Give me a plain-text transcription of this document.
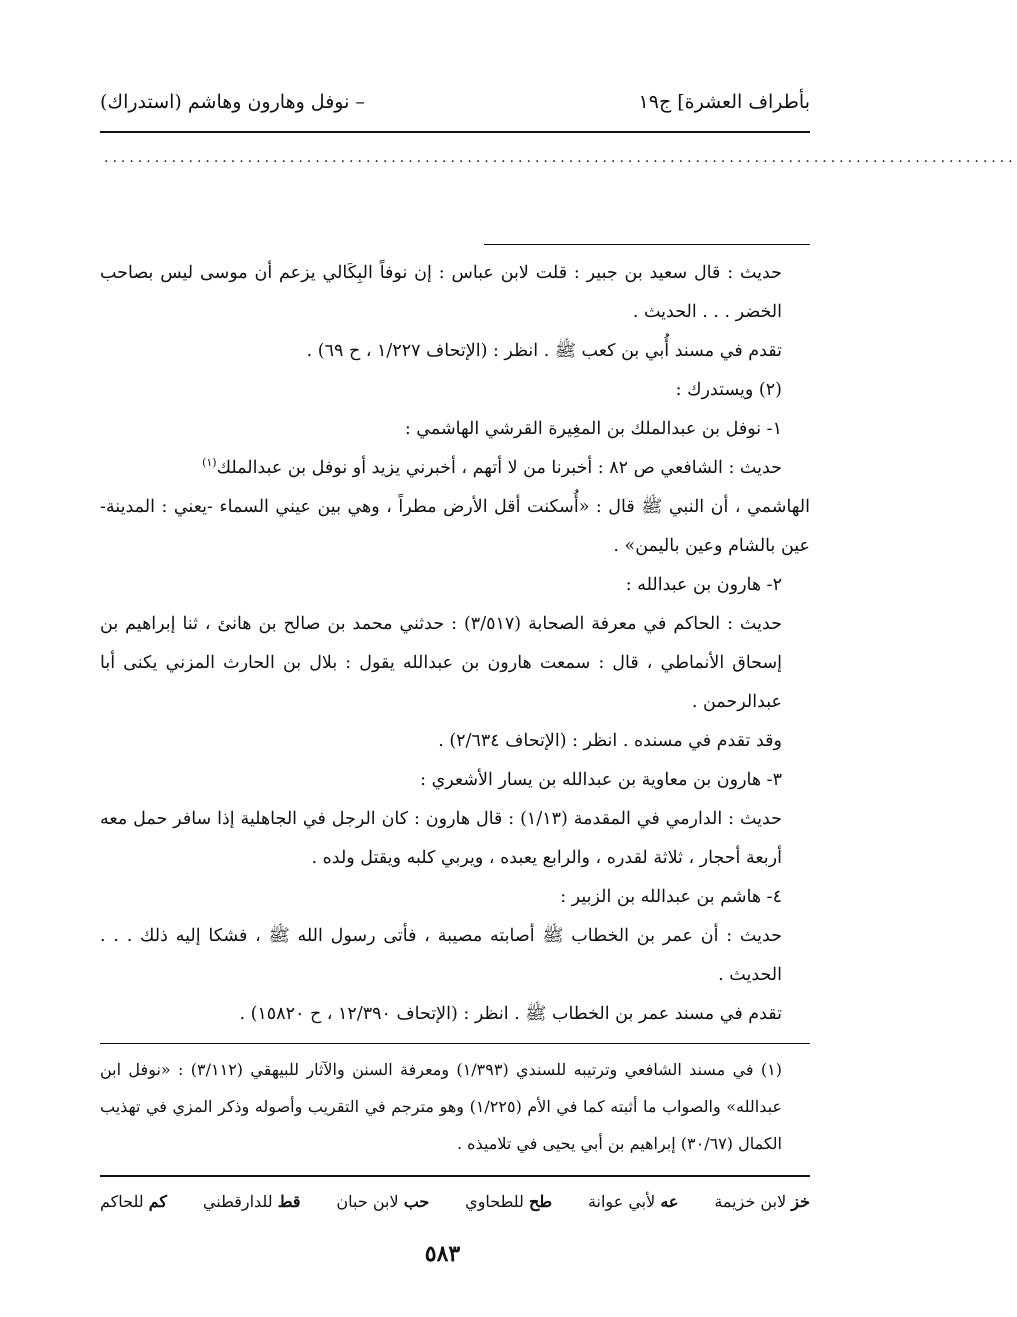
بأطراف العشرة] ج١٩
– نوفل وهارون وهاشم (استدراك)
............................................................................................................

حديث : قال سعيد بن جبير : قلت لابن عباس : إن نوفاً البِكَالي يزعم أن موسى ليس بصاحب الخضر . . . الحديث .

تقدم في مسند أُبي بن كعب ﷺ . انظر : (الإتحاف ١/٢٢٧ ، ح ٦٩) .

(٢) ويستدرك :

١- نوفل بن عبدالملك بن المغِيرة القرشي الهاشمي :

حديث : الشافعي ص ٨٢ : أخبرنا من لا أتهم ، أخبرني يزيد أو نوفل بن عبدالملك$^{(١)}$

الهاشمي ، أن النبي ﷺ قال : «أُسكنت أقل الأرض مطراً ، وهي بين عيني السماء -يعني : المدينة- عين بالشام وعين باليمن» .

٢- هارون بن عبدالله :

حديث : الحاكم في معرفة الصحابة (٣/٥١٧) : حدثني محمد بن صالح بن هانئ ، ثنا إبراهيم بن إسحاق الأنماطي ، قال : سمعت هارون بن عبدالله يقول : بلال بن الحارث المزني يكنى أبا عبدالرحمن .

وقد تقدم في مسنده . انظر : (الإتحاف ٢/٦٣٤) .

٣- هارون بن معاوية بن عبدالله بن يسار الأشعري :

حديث : الدارمي في المقدمة (١/١٣) : قال هارون : كان الرجل في الجاهلية إذا سافر حمل معه أربعة أحجار ، ثلاثة لقدره ، والرابع يعبده ، ويربي كلبه ويقتل ولده .

٤- هاشم بن عبدالله بن الزبير :

حديث : أن عمر بن الخطاب ﷺ أصابته مصيبة ، فأتى رسول الله ﷺ ، فشكا إليه ذلك . . . الحديث .

تقدم في مسند عمر بن الخطاب ﷺ . انظر : (الإتحاف ١٢/٣٩٠ ، ح ١٥٨٢٠) .

(١) في مسند الشافعي وترتيبه للسندي (١/٣٩٣) ومعرفة السنن والآثار للبيهقي (٣/١١٢) : «نوفل ابن عبدالله» والصواب ما أثبته كما في الأم (١/٢٢٥) وهو مترجم في التقريب وأصوله وذكر المزي في تهذيب الكمال (٣٠/٦٧) إبراهيم بن أبي يحيى في تلاميذه .

خز لابن خزيمة
عه لأبي عوانة
طح للطحاوي
حب لابن حبان
قط للدارقطني
كم للحاكم
٥٨٣
